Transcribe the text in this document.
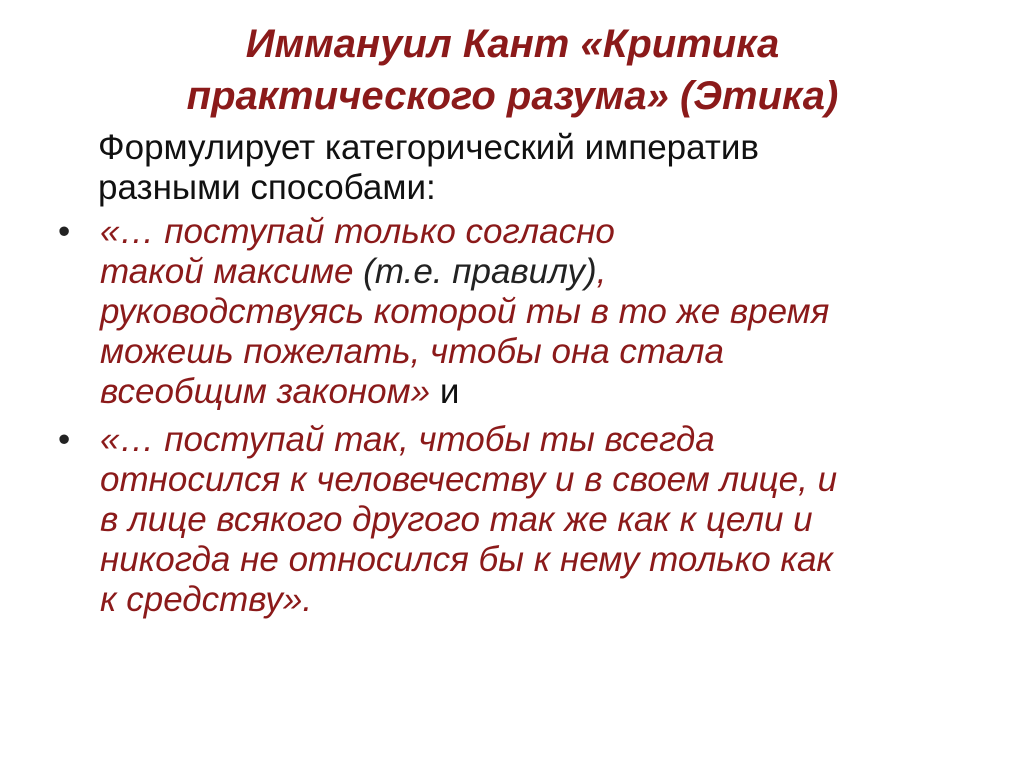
Иммануил Кант «Критика
практического разума» (Этика)
Формулирует категорический императив
разными способами:
• «… поступай только согласно
такой максиме (т.е. правилу),
руководствуясь которой ты в то же время
можешь пожелать, чтобы она стала
всеобщим законом» и
• «… поступай так, чтобы ты всегда
относился к человечеству и в своем лице, и
в лице всякого другого так же как к цели и
никогда не относился бы к нему только как
к средству».
